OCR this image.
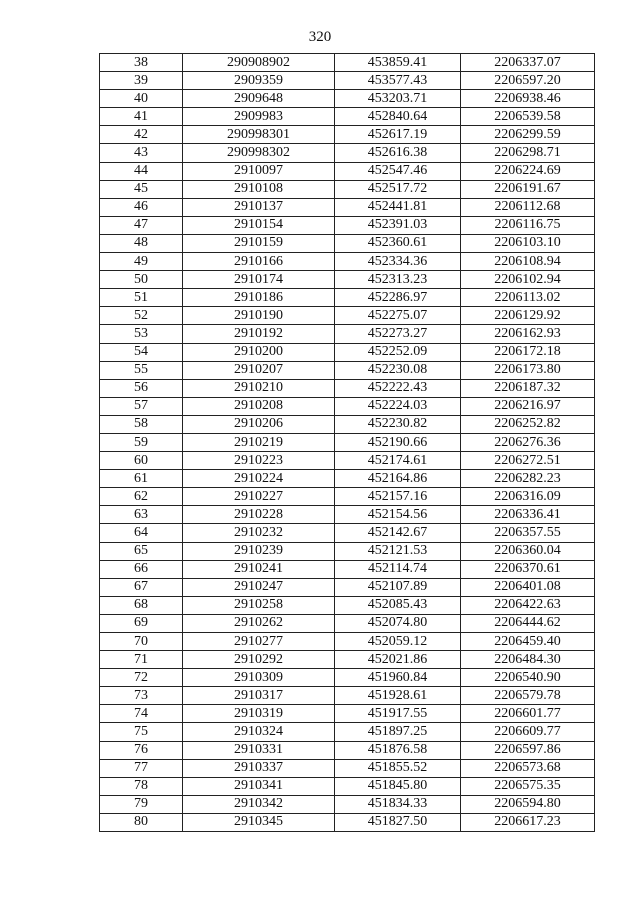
320
38	290908902	453859.41	2206337.07
39	2909359	453577.43	2206597.20
40	2909648	453203.71	2206938.46
41	2909983	452840.64	2206539.58
42	290998301	452617.19	2206299.59
43	290998302	452616.38	2206298.71
44	2910097	452547.46	2206224.69
45	2910108	452517.72	2206191.67
46	2910137	452441.81	2206112.68
47	2910154	452391.03	2206116.75
48	2910159	452360.61	2206103.10
49	2910166	452334.36	2206108.94
50	2910174	452313.23	2206102.94
51	2910186	452286.97	2206113.02
52	2910190	452275.07	2206129.92
53	2910192	452273.27	2206162.93
54	2910200	452252.09	2206172.18
55	2910207	452230.08	2206173.80
56	2910210	452222.43	2206187.32
57	2910208	452224.03	2206216.97
58	2910206	452230.82	2206252.82
59	2910219	452190.66	2206276.36
60	2910223	452174.61	2206272.51
61	2910224	452164.86	2206282.23
62	2910227	452157.16	2206316.09
63	2910228	452154.56	2206336.41
64	2910232	452142.67	2206357.55
65	2910239	452121.53	2206360.04
66	2910241	452114.74	2206370.61
67	2910247	452107.89	2206401.08
68	2910258	452085.43	2206422.63
69	2910262	452074.80	2206444.62
70	2910277	452059.12	2206459.40
71	2910292	452021.86	2206484.30
72	2910309	451960.84	2206540.90
73	2910317	451928.61	2206579.78
74	2910319	451917.55	2206601.77
75	2910324	451897.25	2206609.77
76	2910331	451876.58	2206597.86
77	2910337	451855.52	2206573.68
78	2910341	451845.80	2206575.35
79	2910342	451834.33	2206594.80
80	2910345	451827.50	2206617.23
